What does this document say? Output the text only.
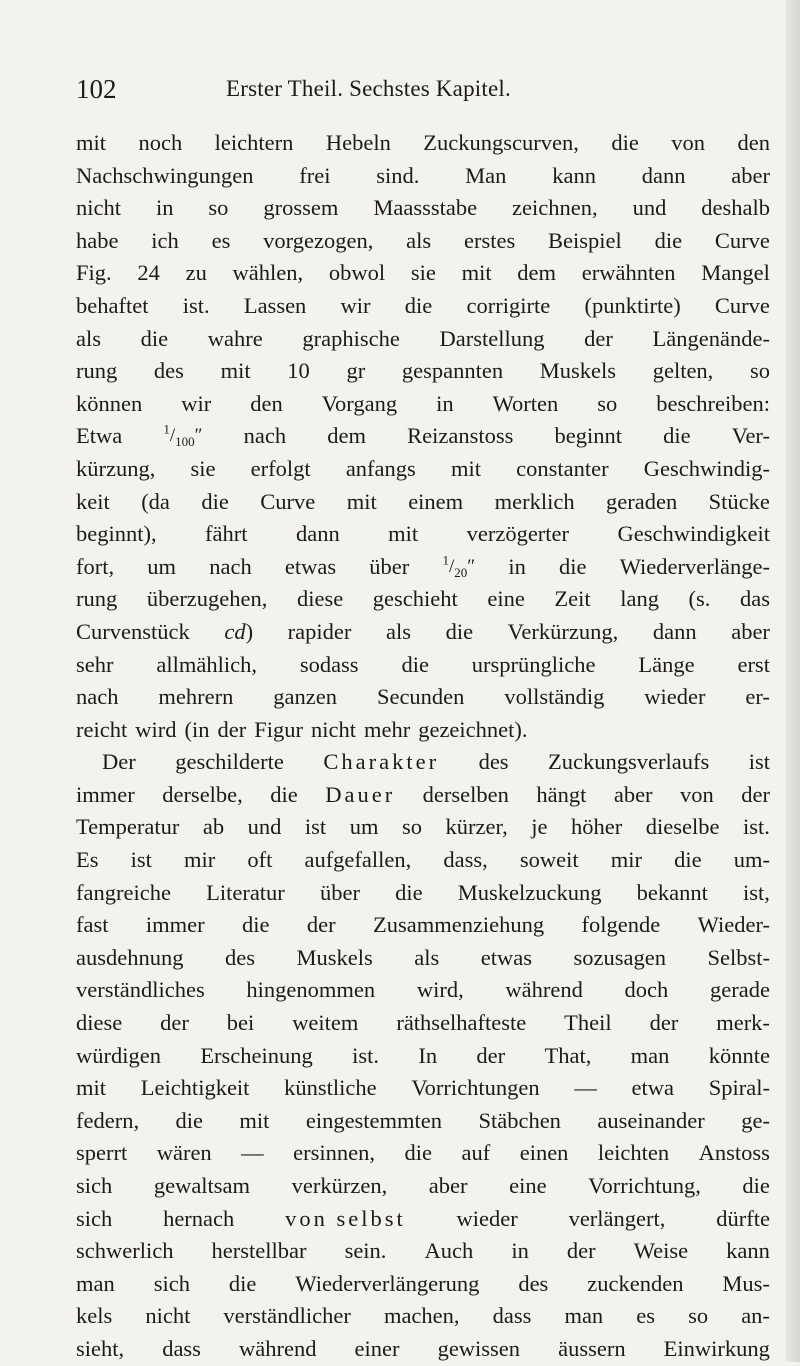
102	Erster Theil. Sechstes Kapitel.
mit noch leichtern Hebeln Zuckungscurven, die von den
Nachschwingungen frei sind. Man kann dann aber
nicht in so grossem Maassstabe zeichnen, und deshalb
habe ich es vorgezogen, als erstes Beispiel die Curve
Fig. 24 zu wählen, obwol sie mit dem erwähnten Mangel
behaftet ist. Lassen wir die corrigirte (punktirte) Curve
als die wahre graphische Darstellung der Längenände-
rung des mit 10 gr gespannten Muskels gelten, so
können wir den Vorgang in Worten so beschreiben:
Etwa	$^1/_{100}''$ nach dem Reizanstoss beginnt die Ver-
kürzung, sie erfolgt anfangs mit constanter Geschwindig-
keit (da die Curve mit einem merklich geraden Stücke
beginnt), fährt dann mit verzögerter Geschwindigkeit
fort, um nach etwas über	$^1/_{20}''$ in die Wiederverlänge-
rung überzugehen, diese geschieht eine Zeit lang (s. das
Curvenstück cd) rapider als die Verkürzung, dann aber
sehr allmählich, sodass die ursprüngliche Länge erst
nach mehrern ganzen Secunden vollständig wieder er-
reicht wird (in der Figur nicht mehr gezeichnet).
Der geschilderte Charakter des Zuckungsverlaufs ist
immer derselbe, die Dauer derselben hängt aber von der
Temperatur ab und ist um so kürzer, je höher dieselbe ist.
Es ist mir oft aufgefallen, dass, soweit mir die um-
fangreiche Literatur über die Muskelzuckung bekannt ist,
fast immer die der Zusammenziehung folgende Wieder-
ausdehnung des Muskels als etwas sozusagen Selbst-
verständliches hingenommen wird, während doch gerade
diese der bei weitem räthselhafteste Theil der merk-
würdigen Erscheinung ist. In der That, man könnte
mit Leichtigkeit künstliche Vorrichtungen — etwa Spiral-
federn, die mit eingestemmten Stäbchen auseinander ge-
sperrt wären — ersinnen, die auf einen leichten Anstoss
sich gewaltsam verkürzen, aber eine Vorrichtung, die
sich hernach von selbst wieder verlängert, dürfte
schwerlich herstellbar sein. Auch in der Weise kann
man sich die Wiederverlängerung des zuckenden Mus-
kels nicht verständlicher machen, dass man es so an-
sieht, dass während einer gewissen äussern Einwirkung
